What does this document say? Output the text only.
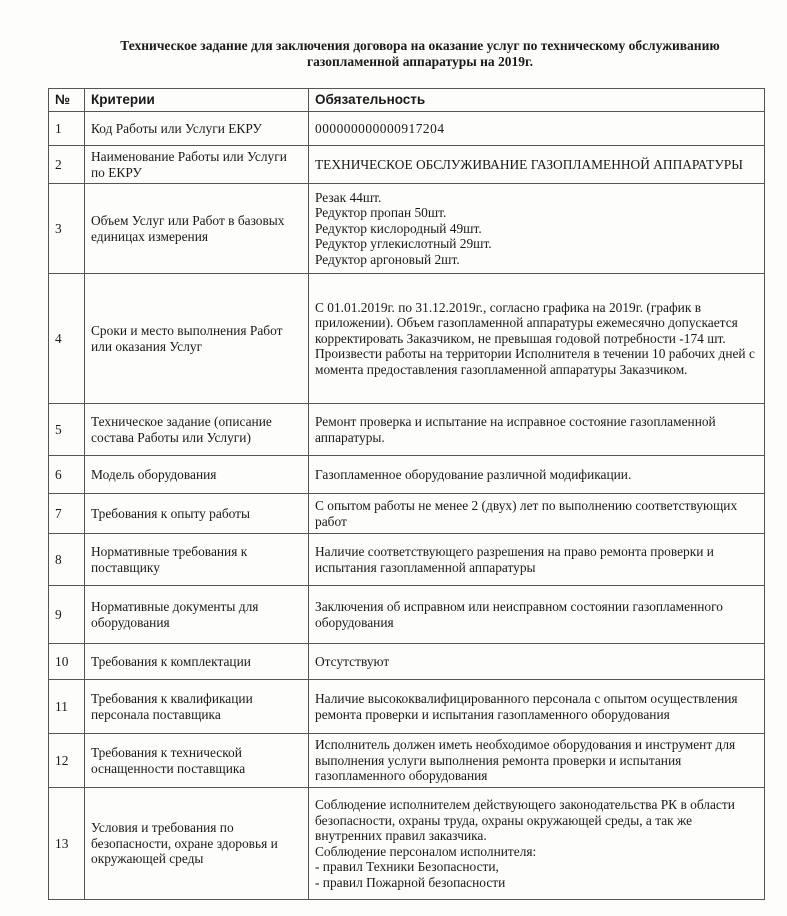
Техническое задание для заключения договора на оказание услуг по техническому обслуживанию газопламенной аппаратуры на 2019г.
№	Критерии	Обязательность
1	Код Работы или Услуги ЕКРУ	000000000000917204
2	Наименование Работы или Услуги по ЕКРУ	ТЕХНИЧЕСКОЕ ОБСЛУЖИВАНИЕ ГАЗОПЛАМЕННОЙ АППАРАТУРЫ
3	Объем Услуг или Работ в базовых единицах измерения	Резак 44шт.
Редуктор пропан 50шт.
Редуктор кислородный 49шт.
Редуктор углекислотный 29шт.
Редуктор аргоновый 2шт.

4	Сроки и место выполнения Работ или оказания Услуг	С 01.01.2019г. по 31.12.2019г., согласно графика на 2019г. (график в приложении). Объем газопламенной аппаратуры ежемесячно допускается корректировать Заказчиком, не превышая годовой потребности -174 шт.
Произвести работы на территории Исполнителя в течении 10 рабочих дней с момента предоставления газопламенной аппаратуры Заказчиком.

5	Техническое задание (описание состава Работы или Услуги)	Ремонт проверка и испытание на исправное состояние газопламенной аппаратуры.
6	Модель оборудования	Газопламенное оборудование различной модификации.
7	Требования к опыту работы	С опытом работы не менее 2 (двух) лет по выполнению соответствующих работ
8	Нормативные требования к поставщику	Наличие соответствующего разрешения на право ремонта проверки и испытания газопламенной аппаратуры
9	Нормативные документы для оборудования	Заключения об исправном или неисправном состоянии газопламенного оборудования
10	Требования к комплектации	Отсутствуют
11	Требования к квалификации персонала поставщика	Наличие высококвалифицированного персонала с опытом осуществления ремонта проверки и испытания газопламенного оборудования
12	Требования к технической оснащенности поставщика	Исполнитель должен иметь необходимое оборудования и инструмент для выполнения услуги выполнения ремонта проверки и испытания газопламенного оборудования
13	Условия и требования по безопасности, охране здоровья и окружающей среды	Соблюдение исполнителем действующего законодательства РК в области безопасности, охраны труда, охраны окружающей среды, а так же внутренних правил заказчика.
Соблюдение персоналом исполнителя:
- правил Техники Безопасности,
- правил Пожарной безопасности
